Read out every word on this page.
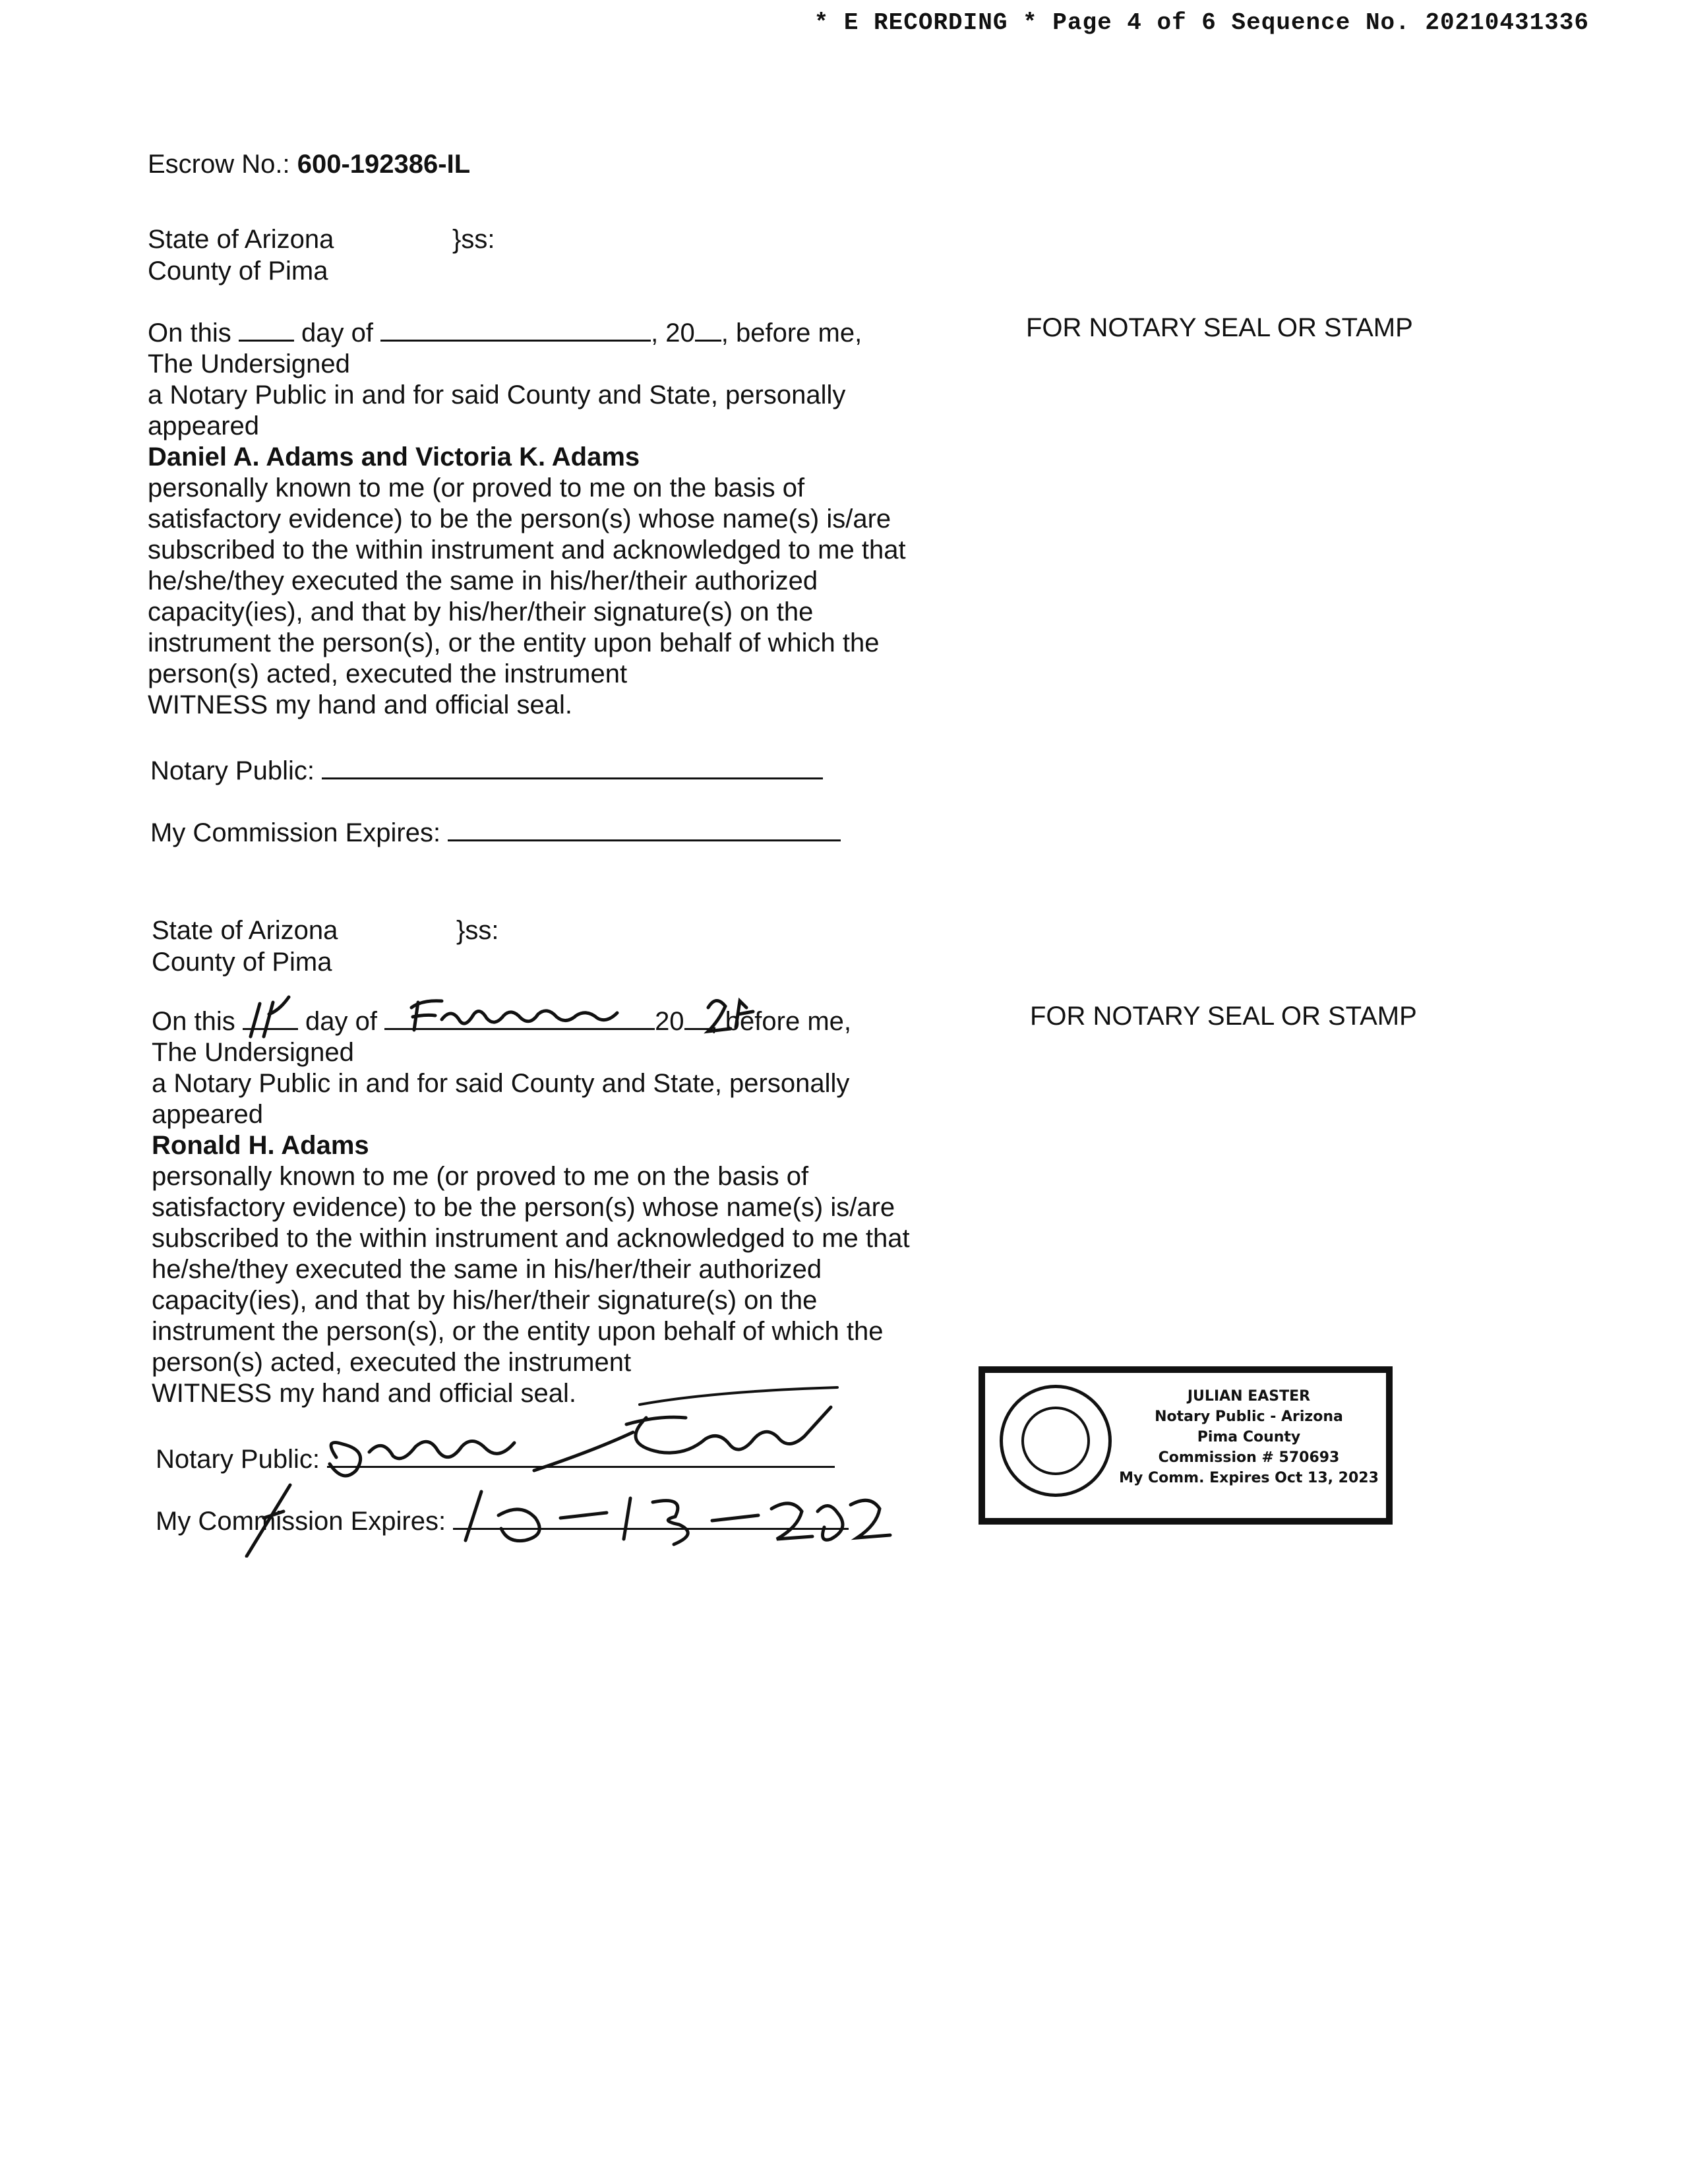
* E RECORDING * Page 4 of 6 Sequence No. 20210431336
Escrow No.: 600-192386-IL
State of Arizona	}ss:
County of Pima
On this	day of	, 20 , before me,
The Undersigned
a Notary Public in and for said County and State, personally
appeared
Daniel A. Adams and Victoria K. Adams
personally known to me (or proved to me on the basis of
satisfactory evidence) to be the person(s) whose name(s) is/are
subscribed to the within instrument and acknowledged to me that
he/she/they executed the same in his/her/their authorized
capacity(ies), and that by his/her/their signature(s) on the
instrument the person(s), or the entity upon behalf of which the
person(s) acted, executed the instrument
WITNESS my hand and official seal.
Notary Public:
My Commission Expires:
FOR NOTARY SEAL OR STAMP
State of Arizona	}ss:
County of Pima
On this	day of	20 , before me,
The Undersigned
a Notary Public in and for said County and State, personally
appeared
Ronald H. Adams
personally known to me (or proved to me on the basis of
satisfactory evidence) to be the person(s) whose name(s) is/are
subscribed to the within instrument and acknowledged to me that
he/she/they executed the same in his/her/their authorized
capacity(ies), and that by his/her/their signature(s) on the
instrument the person(s), or the entity upon behalf of which the
person(s) acted, executed the instrument
WITNESS my hand and official seal.
Notary Public:
My Commission Expires:
FOR NOTARY SEAL OR STAMP
JULIAN EASTER
Notary Public - Arizona
Pima County
Commission # 570693
My Comm. Expires Oct 13, 2023
